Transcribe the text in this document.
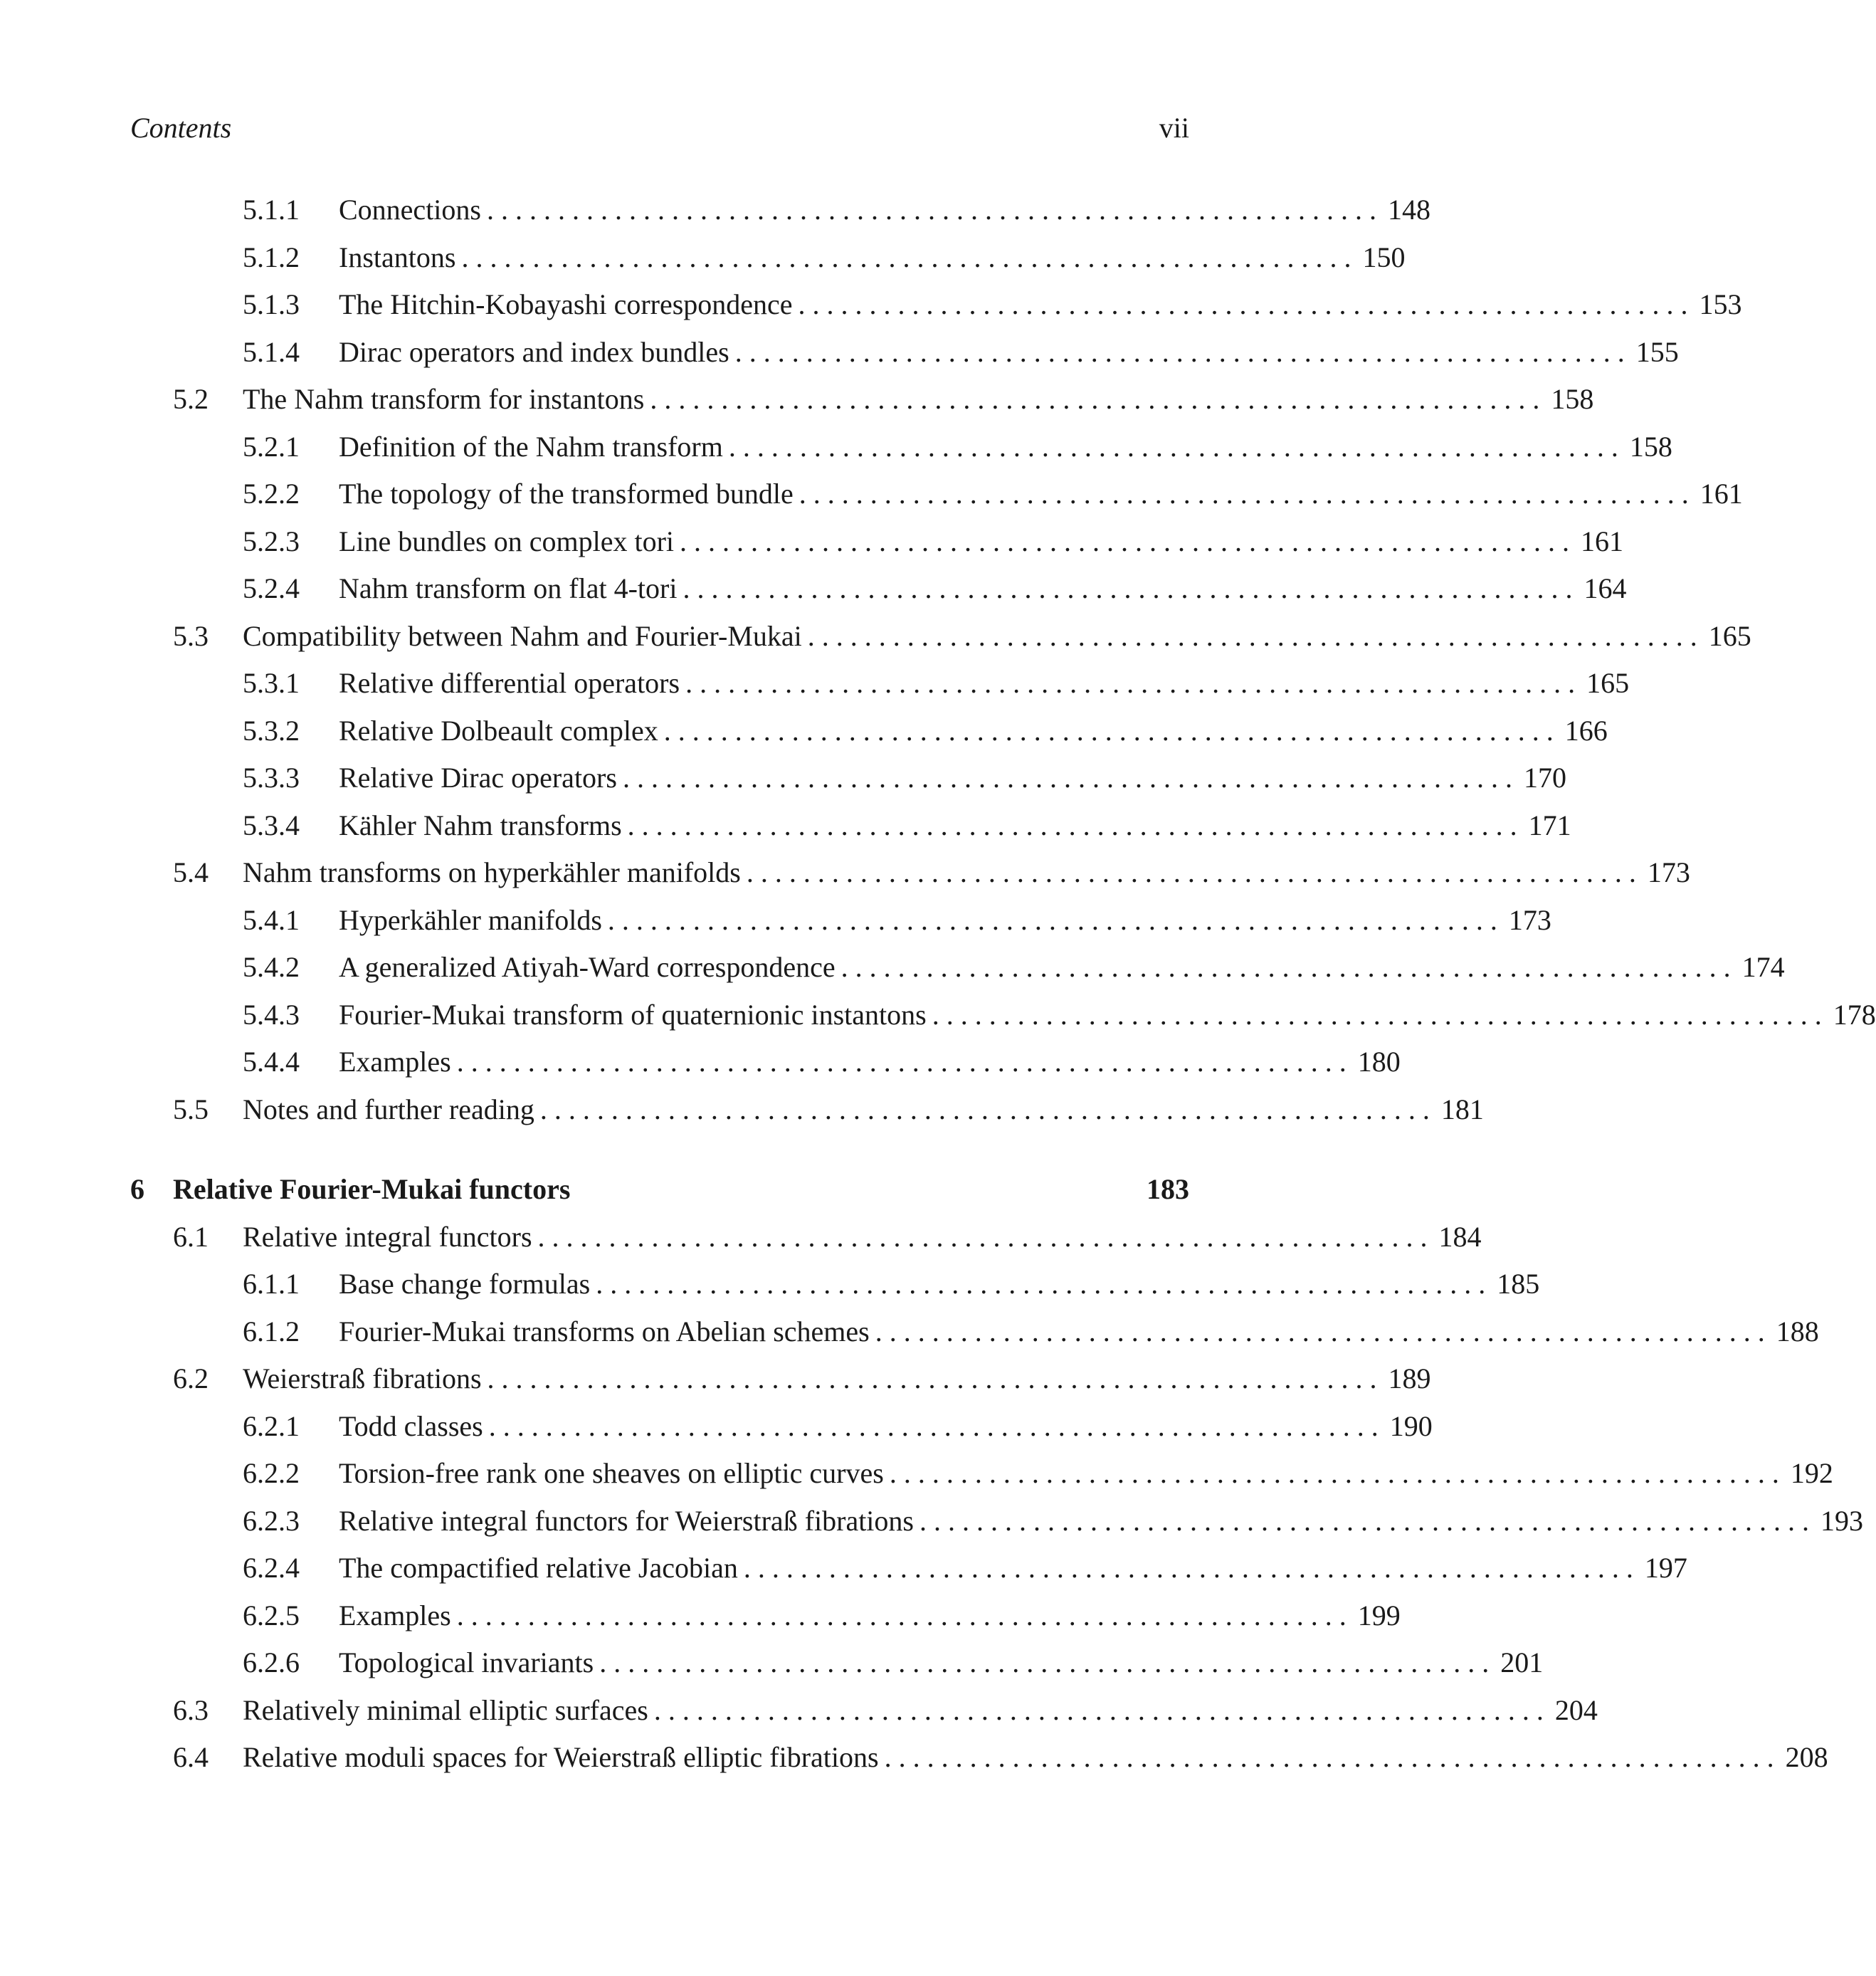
Contents	vii
5.1.1 Connections . . . . . . . . . . . . . . . . . . . . . . . . . . . . . . . . . . . . . . . . . . . . . . . . . . . . . . . . . . . . . . . 148
5.1.2 Instantons . . . . . . . . . . . . . . . . . . . . . . . . . . . . . . . . . . . . . . . . . . . . . . . . . . . . . . . . . . . . . . . 150
5.1.3 The Hitchin-Kobayashi correspondence . . . . . . . . . . . . . . . . . . . . . . . . . . . . . . . . . . . . . . . . . . . . . . . . . . . . . . . . . . . . . . . 153
5.1.4 Dirac operators and index bundles . . . . . . . . . . . . . . . . . . . . . . . . . . . . . . . . . . . . . . . . . . . . . . . . . . . . . . . . . . . . . . . 155
5.2 The Nahm transform for instantons . . . . . . . . . . . . . . . . . . . . . . . . . . . . . . . . . . . . . . . . . . . . . . . . . . . . . . . . . . . . . . . 158
5.2.1 Definition of the Nahm transform . . . . . . . . . . . . . . . . . . . . . . . . . . . . . . . . . . . . . . . . . . . . . . . . . . . . . . . . . . . . . . . 158
5.2.2 The topology of the transformed bundle . . . . . . . . . . . . . . . . . . . . . . . . . . . . . . . . . . . . . . . . . . . . . . . . . . . . . . . . . . . . . . . 161
5.2.3 Line bundles on complex tori . . . . . . . . . . . . . . . . . . . . . . . . . . . . . . . . . . . . . . . . . . . . . . . . . . . . . . . . . . . . . . . 161
5.2.4 Nahm transform on flat 4-tori . . . . . . . . . . . . . . . . . . . . . . . . . . . . . . . . . . . . . . . . . . . . . . . . . . . . . . . . . . . . . . . 164
5.3 Compatibility between Nahm and Fourier-Mukai . . . . . . . . . . . . . . . . . . . . . . . . . . . . . . . . . . . . . . . . . . . . . . . . . . . . . . . . . . . . . . . 165
5.3.1 Relative differential operators . . . . . . . . . . . . . . . . . . . . . . . . . . . . . . . . . . . . . . . . . . . . . . . . . . . . . . . . . . . . . . . 165
5.3.2 Relative Dolbeault complex . . . . . . . . . . . . . . . . . . . . . . . . . . . . . . . . . . . . . . . . . . . . . . . . . . . . . . . . . . . . . . . 166
5.3.3 Relative Dirac operators . . . . . . . . . . . . . . . . . . . . . . . . . . . . . . . . . . . . . . . . . . . . . . . . . . . . . . . . . . . . . . . 170
5.3.4 Kähler Nahm transforms . . . . . . . . . . . . . . . . . . . . . . . . . . . . . . . . . . . . . . . . . . . . . . . . . . . . . . . . . . . . . . . 171
5.4 Nahm transforms on hyperkähler manifolds . . . . . . . . . . . . . . . . . . . . . . . . . . . . . . . . . . . . . . . . . . . . . . . . . . . . . . . . . . . . . . . 173
5.4.1 Hyperkähler manifolds . . . . . . . . . . . . . . . . . . . . . . . . . . . . . . . . . . . . . . . . . . . . . . . . . . . . . . . . . . . . . . . 173
5.4.2 A generalized Atiyah-Ward correspondence . . . . . . . . . . . . . . . . . . . . . . . . . . . . . . . . . . . . . . . . . . . . . . . . . . . . . . . . . . . . . . . 174
5.4.3 Fourier-Mukai transform of quaternionic instantons . . . . . . . . . . . . . . . . . . . . . . . . . . . . . . . . . . . . . . . . . . . . . . . . . . . . . . . . . . . . . . . 178
5.4.4 Examples . . . . . . . . . . . . . . . . . . . . . . . . . . . . . . . . . . . . . . . . . . . . . . . . . . . . . . . . . . . . . . . 180
5.5 Notes and further reading . . . . . . . . . . . . . . . . . . . . . . . . . . . . . . . . . . . . . . . . . . . . . . . . . . . . . . . . . . . . . . . 181
6 Relative Fourier-Mukai functors	183
6.1 Relative integral functors . . . . . . . . . . . . . . . . . . . . . . . . . . . . . . . . . . . . . . . . . . . . . . . . . . . . . . . . . . . . . . . 184
6.1.1 Base change formulas . . . . . . . . . . . . . . . . . . . . . . . . . . . . . . . . . . . . . . . . . . . . . . . . . . . . . . . . . . . . . . . 185
6.1.2 Fourier-Mukai transforms on Abelian schemes . . . . . . . . . . . . . . . . . . . . . . . . . . . . . . . . . . . . . . . . . . . . . . . . . . . . . . . . . . . . . . . 188
6.2 Weierstraß fibrations . . . . . . . . . . . . . . . . . . . . . . . . . . . . . . . . . . . . . . . . . . . . . . . . . . . . . . . . . . . . . . . 189
6.2.1 Todd classes . . . . . . . . . . . . . . . . . . . . . . . . . . . . . . . . . . . . . . . . . . . . . . . . . . . . . . . . . . . . . . . 190
6.2.2 Torsion-free rank one sheaves on elliptic curves . . . . . . . . . . . . . . . . . . . . . . . . . . . . . . . . . . . . . . . . . . . . . . . . . . . . . . . . . . . . . . . 192
6.2.3 Relative integral functors for Weierstraß fibrations . . . . . . . . . . . . . . . . . . . . . . . . . . . . . . . . . . . . . . . . . . . . . . . . . . . . . . . . . . . . . . . 193
6.2.4 The compactified relative Jacobian . . . . . . . . . . . . . . . . . . . . . . . . . . . . . . . . . . . . . . . . . . . . . . . . . . . . . . . . . . . . . . . 197
6.2.5 Examples . . . . . . . . . . . . . . . . . . . . . . . . . . . . . . . . . . . . . . . . . . . . . . . . . . . . . . . . . . . . . . . 199
6.2.6 Topological invariants . . . . . . . . . . . . . . . . . . . . . . . . . . . . . . . . . . . . . . . . . . . . . . . . . . . . . . . . . . . . . . . 201
6.3 Relatively minimal elliptic surfaces . . . . . . . . . . . . . . . . . . . . . . . . . . . . . . . . . . . . . . . . . . . . . . . . . . . . . . . . . . . . . . . 204
6.4 Relative moduli spaces for Weierstraß elliptic fibrations . . . . . . . . . . . . . . . . . . . . . . . . . . . . . . . . . . . . . . . . . . . . . . . . . . . . . . . . . . . . . . . 208
